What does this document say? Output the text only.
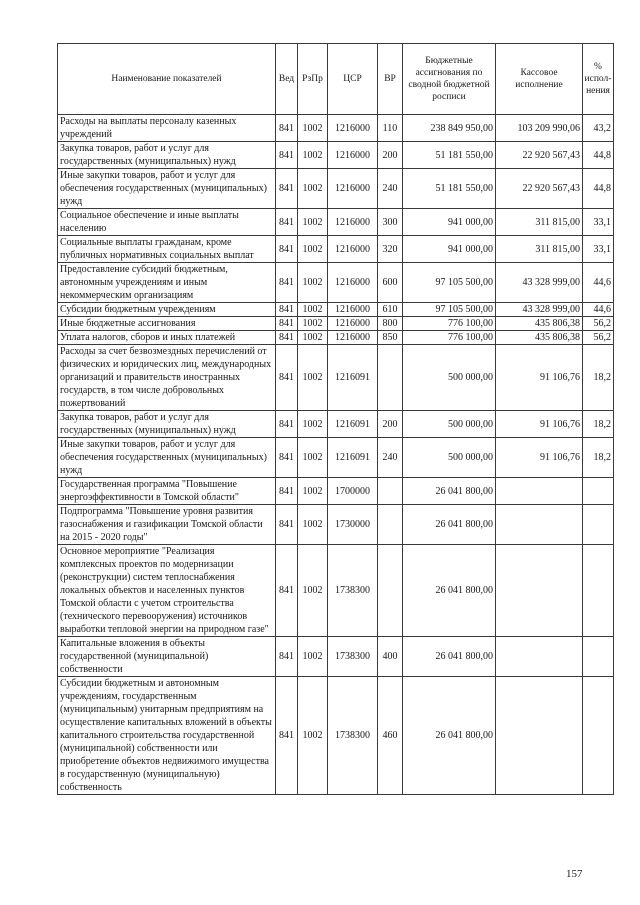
Наименование показателей	Вед	РзПр	ЦСР	ВР	Бюджетные ассигнования по сводной бюджетной росписи	Кассовое исполнение	% испол-нения
Расходы на выплаты персоналу казенных учреждений	841	1002	1216000	110	238 849 950,00	103 209 990,06	43,2
Закупка товаров, работ и услуг для государственных (муниципальных) нужд	841	1002	1216000	200	51 181 550,00	22 920 567,43	44,8
Иные закупки товаров, работ и услуг для обеспечения государственных (муниципальных) нужд	841	1002	1216000	240	51 181 550,00	22 920 567,43	44,8
Социальное обеспечение и иные выплаты населению	841	1002	1216000	300	941 000,00	311 815,00	33,1
Социальные выплаты гражданам, кроме публичных нормативных социальных выплат	841	1002	1216000	320	941 000,00	311 815,00	33,1
Предоставление субсидий бюджетным, автономным учреждениям и иным некоммерческим организациям	841	1002	1216000	600	97 105 500,00	43 328 999,00	44,6
Субсидии бюджетным учреждениям	841	1002	1216000	610	97 105 500,00	43 328 999,00	44,6
Иные бюджетные ассигнования	841	1002	1216000	800	776 100,00	435 806,38	56,2
Уплата налогов, сборов и иных платежей	841	1002	1216000	850	776 100,00	435 806,38	56,2
Расходы за счет безвозмездных перечислений от физических и юридических лиц, международных организаций и правительств иностранных государств, в том числе добровольных пожертвований	841	1002	1216091		500 000,00	91 106,76	18,2
Закупка товаров, работ и услуг для государственных (муниципальных) нужд	841	1002	1216091	200	500 000,00	91 106,76	18,2
Иные закупки товаров, работ и услуг для обеспечения государственных (муниципальных) нужд	841	1002	1216091	240	500 000,00	91 106,76	18,2
Государственная программа "Повышение энергоэффективности в Томской области"	841	1002	1700000		26 041 800,00		
Подпрограмма "Повышение уровня развития газоснабжения и газификации Томской области на 2015 - 2020 годы"	841	1002	1730000		26 041 800,00		
Основное мероприятие "Реализация комплексных проектов по модернизации (реконструкции) систем теплоснабжения локальных объектов и населенных пунктов Томской области с учетом строительства (технического перевооружения) источников выработки тепловой энергии на природном газе"	841	1002	1738300		26 041 800,00		
Капитальные вложения в объекты государственной (муниципальной) собственности	841	1002	1738300	400	26 041 800,00		
Субсидии бюджетным и автономным учреждениям, государственным (муниципальным) унитарным предприятиям на осуществление капитальных вложений в объекты капитального строительства государственной (муниципальной) собственности или приобретение объектов недвижимого имущества в государственную (муниципальную) собственность	841	1002	1738300	460	26 041 800,00		
157
